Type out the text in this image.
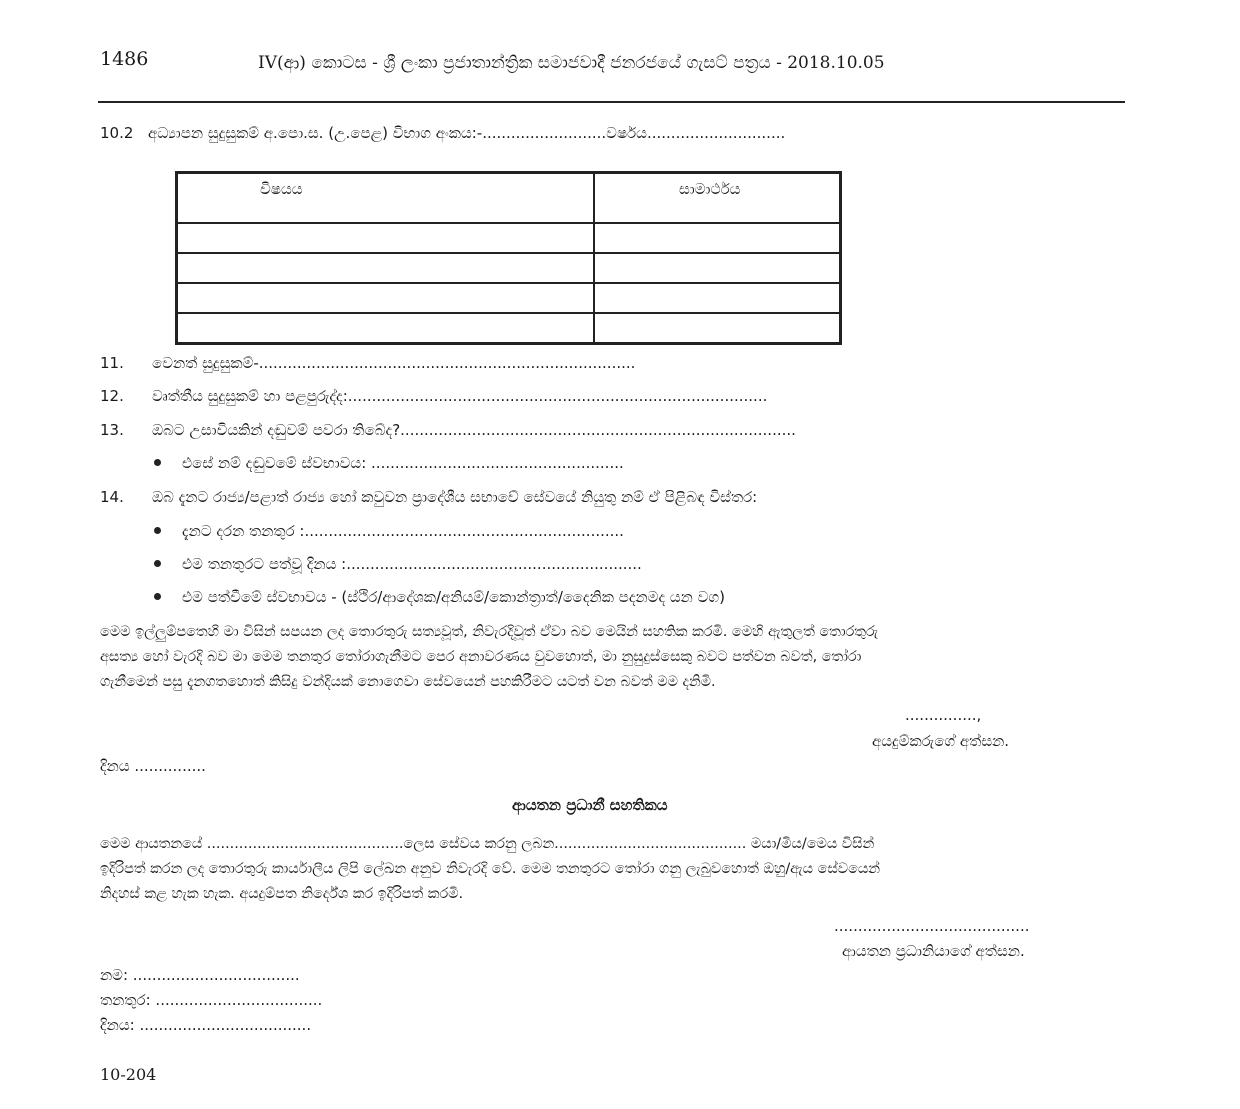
1486	IV(ආ) කොටස - ශ්‍රී ලංකා ප්‍රජාතාන්ත්‍රික සමාජවාදී ජනරජයේ ගැසට් පත්‍රය - 2018.10.05
10.2 අධ්‍යාපන සුදුසුකම් අ.පො.ස. (උ.පෙළ) විභාග අංකය:-..........................වර්ෂය.............................
විෂයය	සාමාර්ථය

11. වෙනත් සුදුසුකම්-...............................................................................
12. වෘත්තීය සුදුසුකම් හා පළපුරුද්ද:........................................................................................
13. ඔබට උසාවියකින් දඬුවම් පවරා තිබේද?...................................................................................
එසේ නම් දඬුවමේ ස්වභාවය: .....................................................
14. ඔබ දැනට රාජ්‍ය/පළාත් රාජ්‍ය හෝ කවුවන ප්‍රාදේශීය සභාවේ සේවයේ නියුතු නම් ඒ පිළිබඳ විස්තර:
දැනට දරන තනතුර :...................................................................
එම තනතුරට පත්වූ දිනය :..............................................................
එම පත්වීමේ ස්වභාවය - (ස්ථිර/ආදේශක/අනියම්/කොන්ත්‍රාත්/දෛනික පදනමද යන වග)
මෙම ඉල්ලුම්පතෙහි මා විසින් සපයන ලද තොරතුරු සත්‍යවූත්, නිවැරදිවූත් ඒවා බව මෙයින් සහතික කරමි. මෙහි ඇතුලත් තොරතුරු
අසත්‍ය හෝ වැරදි බව මා මෙම තනතුර තෝරාගැනීමට පෙර අනාවරණය වුවහොත්, මා නුසුදුස්සෙකු බවට පත්වන බවත්, තෝරා
ගැනීමෙන් පසු දැනගතහොත් කිසිදු වන්දියක් නොගෙවා සේවයෙන් පහකිරීමට යටත් වන බවත් මම දනිමි.
...............,
අයදුම්කරුගේ අත්සන.
දිනය ...............
ආයතන ප්‍රධානී සහතිකය
මෙම ආයතනයේ ...........................................ලෙස සේවය කරනු ලබන.......................................... මයා/මිය/මෙය විසින්
ඉදිරිපත් කරන ලද තොරතුරු කාර්යාලීය ලිපි ලේඛන අනුව නිවැරදි වේ. මෙම තනතුරට තෝරා ගනු ලැබුවහොත් ඔහු/ඇය සේවයෙන්
නිදහස් කළ හැක හැක. අයදුම්පත නිර්දේශ කර ඉදිරිපත් කරමි.
.........................................
ආයතන ප්‍රධානියාගේ අත්සන.
නම: ...................................
තනතුර: ...................................
දිනය: ....................................
10-204
